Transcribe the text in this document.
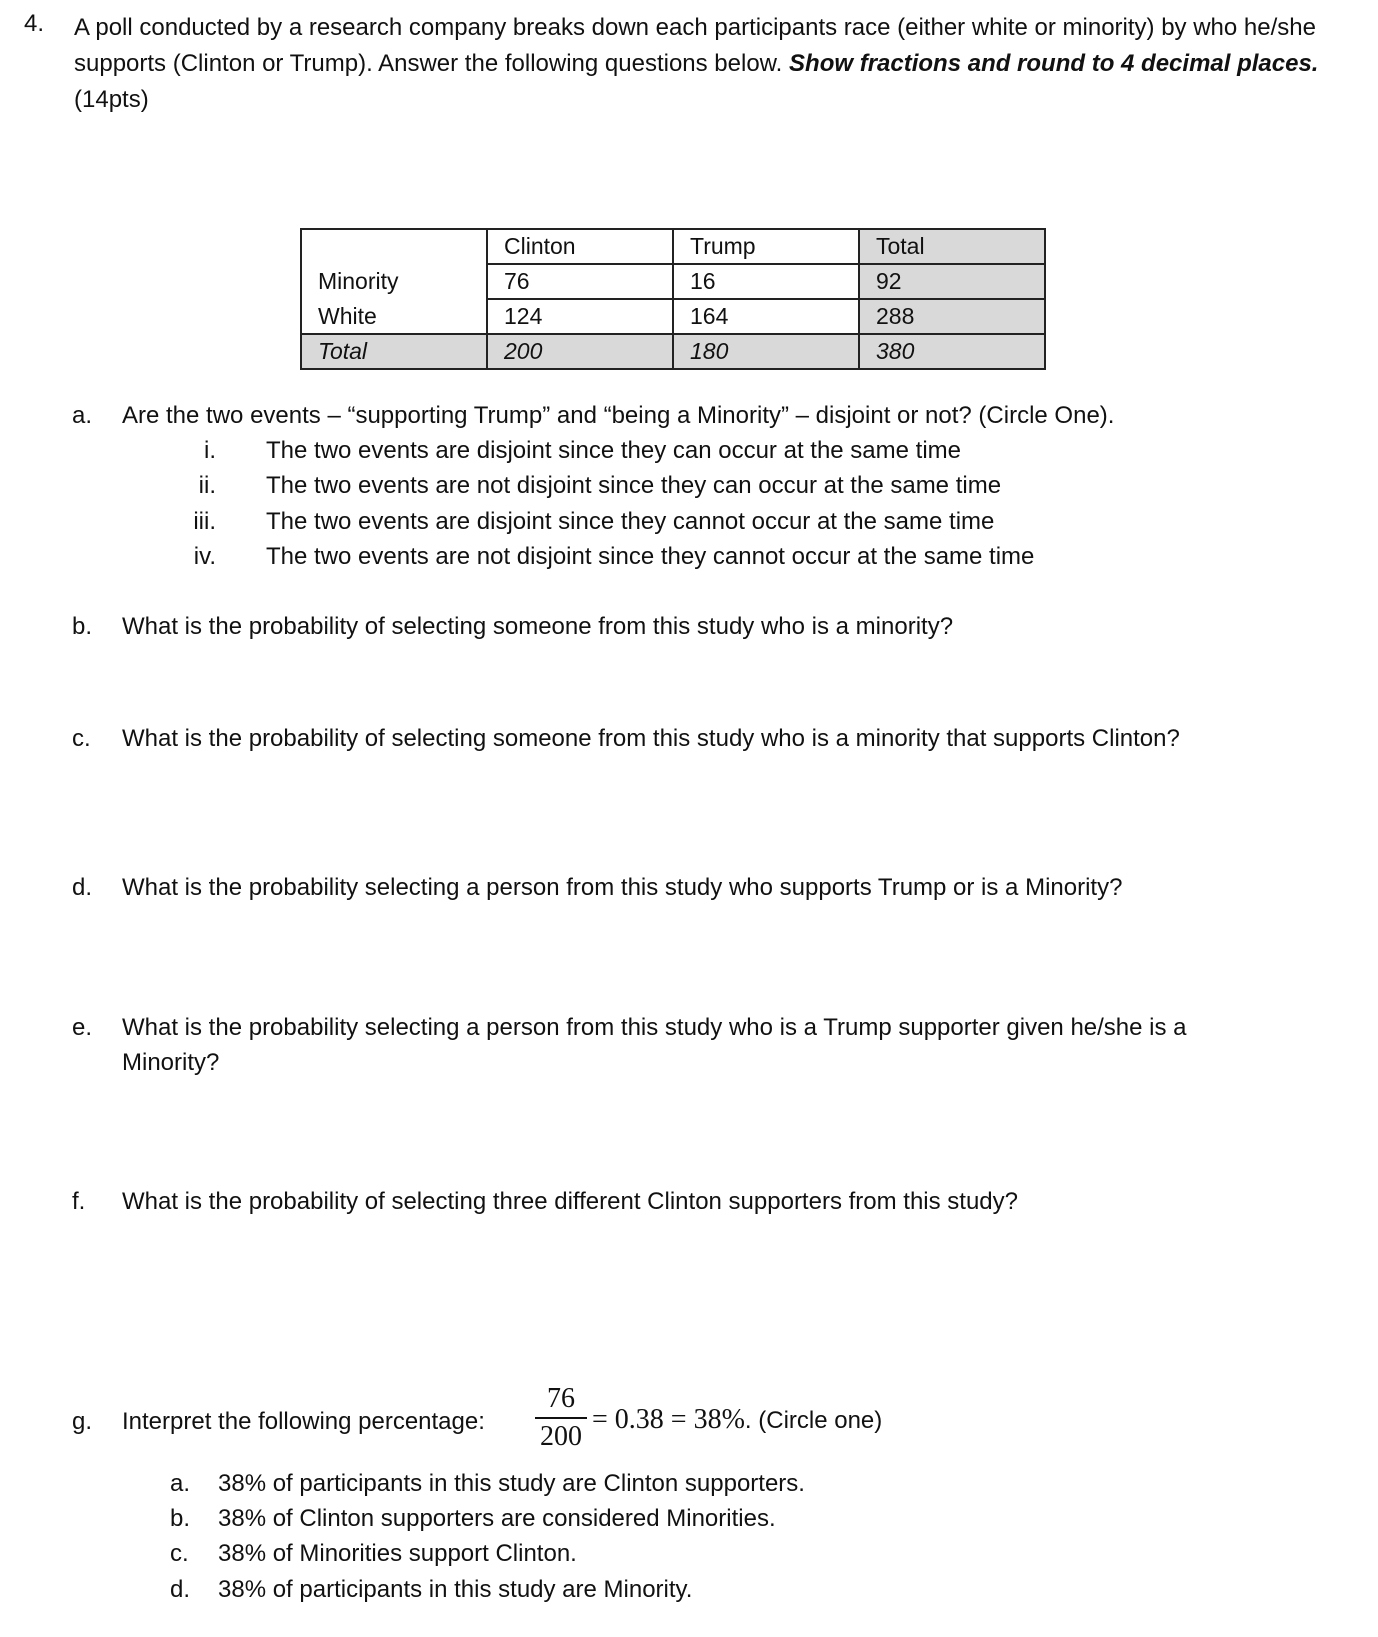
4. A poll conducted by a research company breaks down each participants race (either white or minority) by who he/she supports (Clinton or Trump). Answer the following questions below. Show fractions and round to 4 decimal places. (14pts)
	Clinton	Trump	Total
Minority	76	16	92
White	124	164	288
Total	200	180	380
a. Are the two events – “supporting Trump” and “being a Minority” – disjoint or not? (Circle One).
i. The two events are disjoint since they can occur at the same time
ii. The two events are not disjoint since they can occur at the same time
iii. The two events are disjoint since they cannot occur at the same time
iv. The two events are not disjoint since they cannot occur at the same time
b. What is the probability of selecting someone from this study who is a minority?
c. What is the probability of selecting someone from this study who is a minority that supports Clinton?
d. What is the probability selecting a person from this study who supports Trump or is a Minority?
e. What is the probability selecting a person from this study who is a Trump supporter given he/she is a
Minority?
f. What is the probability of selecting three different Clinton supporters from this study?
g. Interpret the following percentage: $\frac{76}{200} = 0.38 = 38\%$. (Circle one)
a. 38% of participants in this study are Clinton supporters.
b. 38% of Clinton supporters are considered Minorities.
c. 38% of Minorities support Clinton.
d. 38% of participants in this study are Minority.
